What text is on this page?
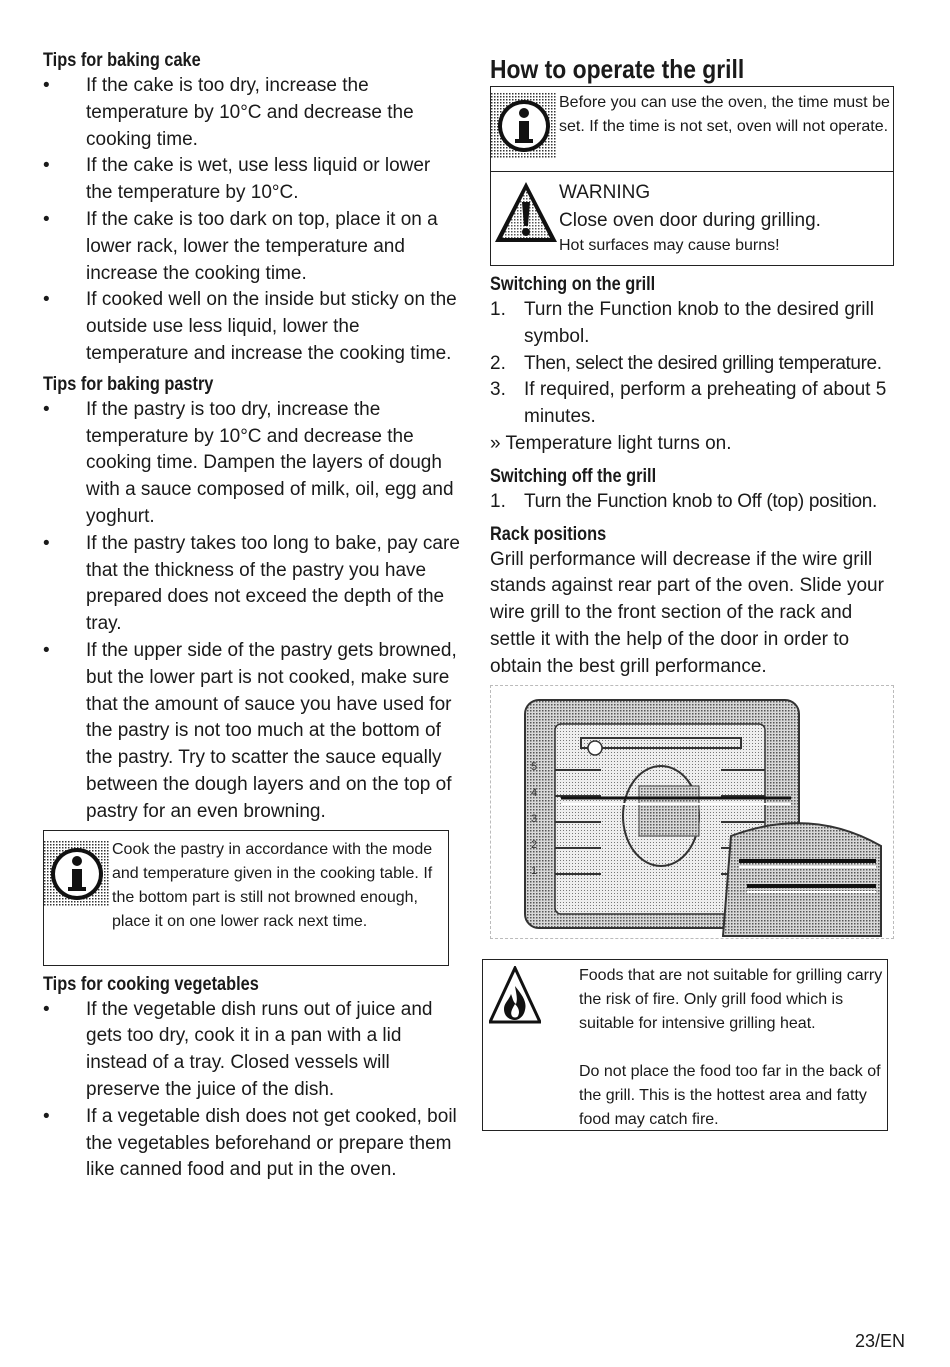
Tips for baking cake
• If the cake is too dry, increase the temperature by 10°C and decrease the cooking time.
• If the cake is wet, use less liquid or lower the temperature by 10°C.
• If the cake is too dark on top, place it on a lower rack, lower the temperature and increase the cooking time.
• If cooked well on the inside but sticky on the outside use less liquid, lower the temperature and increase the cooking time.
Tips for baking pastry
• If the pastry is too dry, increase the temperature by 10°C and decrease the cooking time. Dampen the layers of dough with a sauce composed of milk, oil, egg and yoghurt.
• If the pastry takes too long to bake, pay care that the thickness of the pastry you have prepared does not exceed the depth of the tray.
• If the upper side of the pastry gets browned, but the lower part is not cooked, make sure that the amount of sauce you have used for the pastry is not too much at the bottom of the pastry. Try to scatter the sauce equally between the dough layers and on the top of pastry for an even browning.
Cook the pastry in accordance with the mode and temperature given in the cooking table. If the bottom part is still not browned enough, place it on one lower rack next time.
Tips for cooking vegetables
• If the vegetable dish runs out of juice and gets too dry, cook it in a pan with a lid instead of a tray. Closed vessels will preserve the juice of the dish.
• If a vegetable dish does not get cooked, boil the vegetables beforehand or prepare them like canned food and put in the oven.
How to operate the grill
Before you can use the oven, the time must be set. If the time is not set, oven will not operate.
WARNING
Close oven door during grilling.
Hot surfaces may cause burns!
Switching on the grill
1. Turn the Function knob to the desired grill symbol.
2. Then, select the desired grilling temperature.
3. If required, perform a preheating of about 5 minutes.
» Temperature light turns on.
Switching off the grill
1. Turn the Function knob to Off (top) position.
Rack positions

Grill performance will decrease if the wire grill stands against rear part of the oven. Slide your wire grill to the front section of the rack and settle it with the help of the door in order to obtain the best grill performance.

5
4
3
2
1
Foods that are not suitable for grilling carry the risk of fire. Only grill food which is suitable for intensive grilling heat.
Do not place the food too far in the back of the grill. This is the hottest area and fatty food may catch fire.
23/EN
